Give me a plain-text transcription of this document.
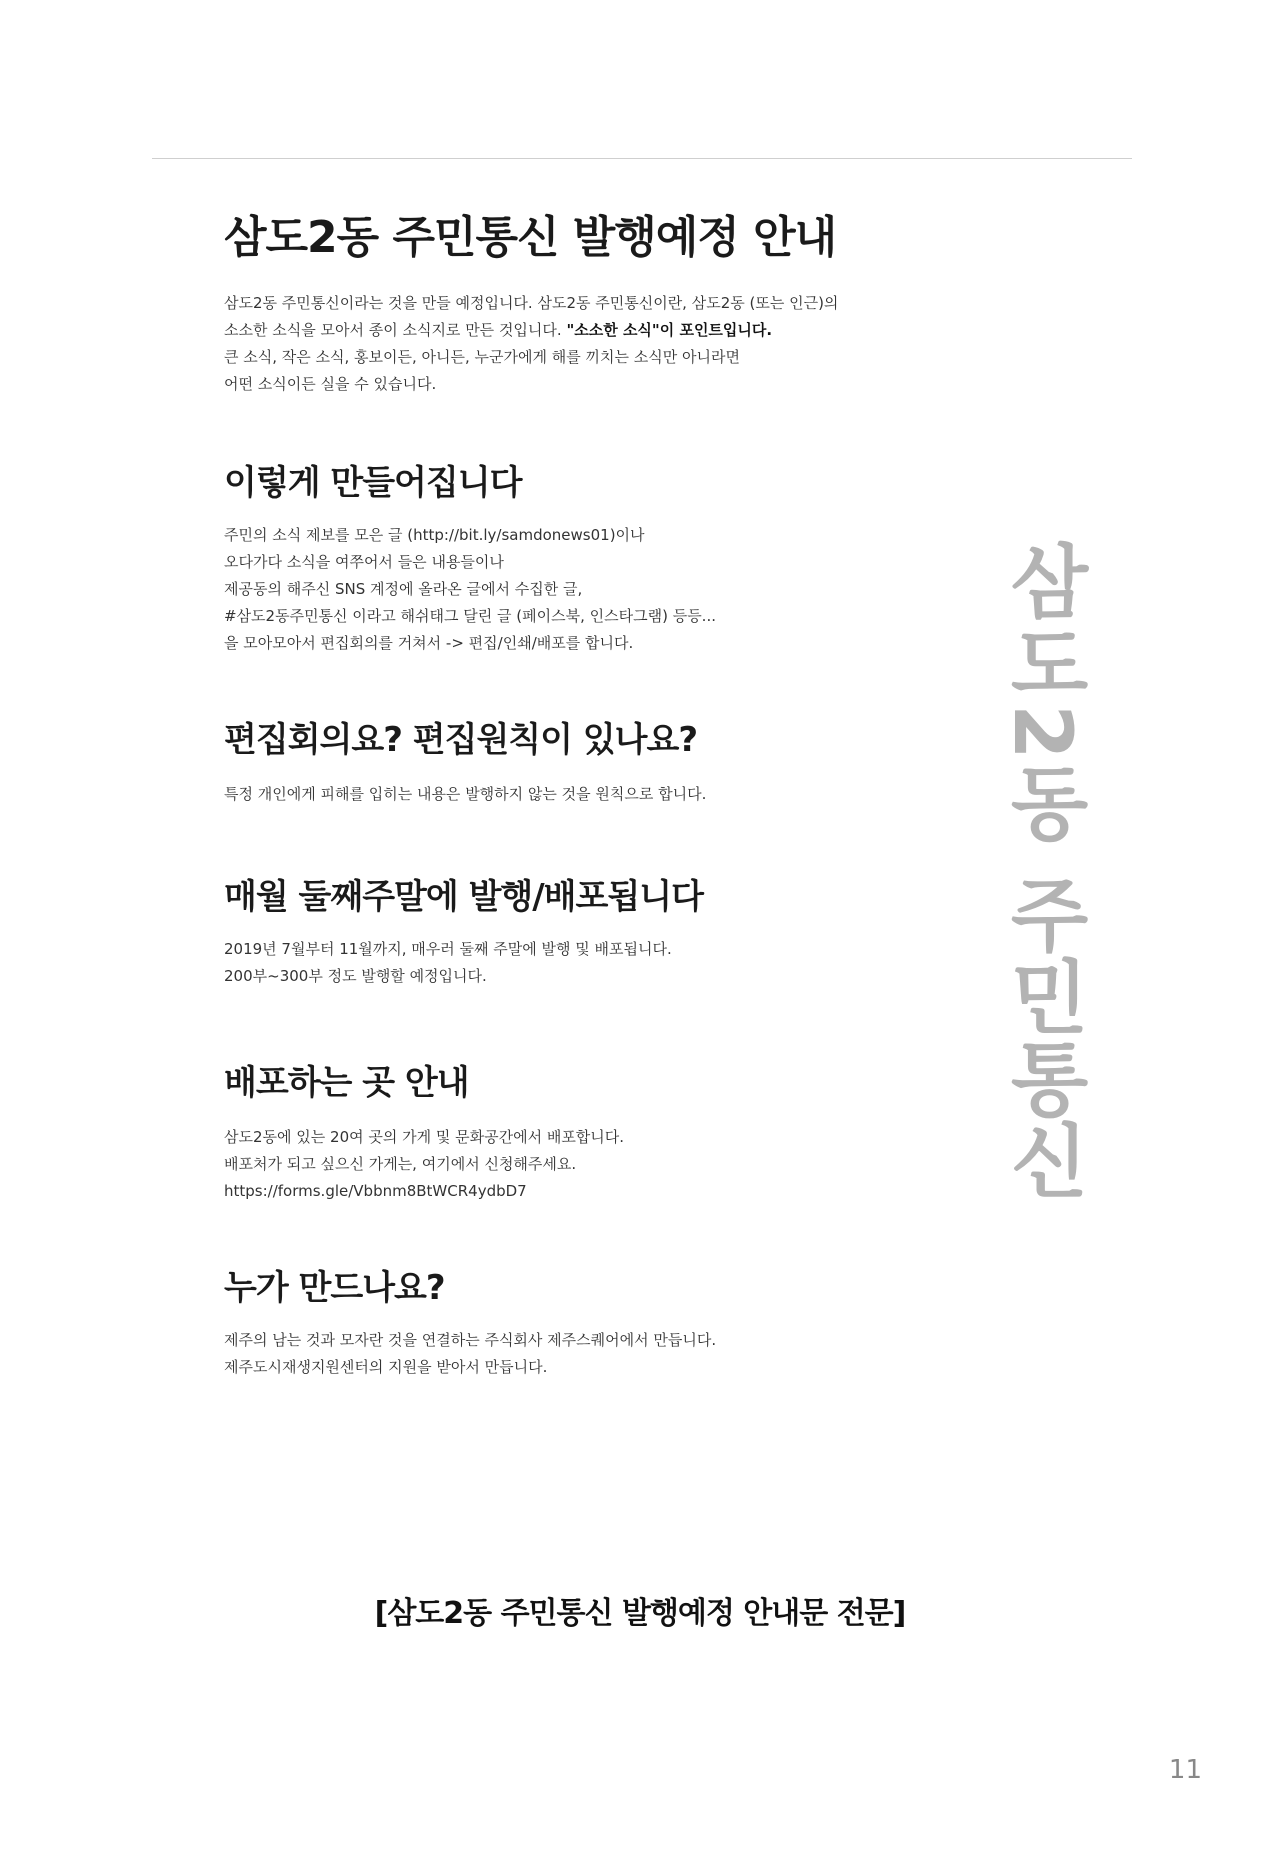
삼도2동 주민통신 발행예정 안내

삼도2동 주민통신이라는 것을 만들 예정입니다. 삼도2동 주민통신이란, 삼도2동 (또는 인근)의
소소한 소식을 모아서 종이 소식지로 만든 것입니다. "소소한 소식"이 포인트입니다.
큰 소식, 작은 소식, 홍보이든, 아니든, 누군가에게 해를 끼치는 소식만 아니라면
어떤 소식이든 실을 수 있습니다.

이렇게 만들어집니다

주민의 소식 제보를 모은 글 (http://bit.ly/samdonews01)이나
오다가다 소식을 여쭈어서 들은 내용들이나
제공동의 해주신 SNS 계정에 올라온 글에서 수집한 글,
#삼도2동주민통신 이라고 해쉬태그 달린 글 (페이스북, 인스타그램) 등등...
을 모아모아서 편집회의를 거쳐서 -> 편집/인쇄/배포를 합니다.

편집회의요? 편집원칙이 있나요?

특정 개인에게 피해를 입히는 내용은 발행하지 않는 것을 원칙으로 합니다.

매월 둘째주말에 발행/배포됩니다

2019년 7월부터 11월까지, 매우러 둘째 주말에 발행 및 배포됩니다.
200부~300부 정도 발행할 예정입니다.

배포하는 곳 안내

삼도2동에 있는 20여 곳의 가게 및 문화공간에서 배포합니다.
배포처가 되고 싶으신 가게는, 여기에서 신청해주세요.
https://forms.gle/Vbbnm8BtWCR4ydbD7

누가 만드나요?

제주의 남는 것과 모자란 것을 연결하는 주식회사 제주스퀘어에서 만듭니다.
제주도시재생지원센터의 지원을 받아서 만듭니다.

삼도2동 주민통신
[삼도2동 주민통신 발행예정 안내문 전문]
11
